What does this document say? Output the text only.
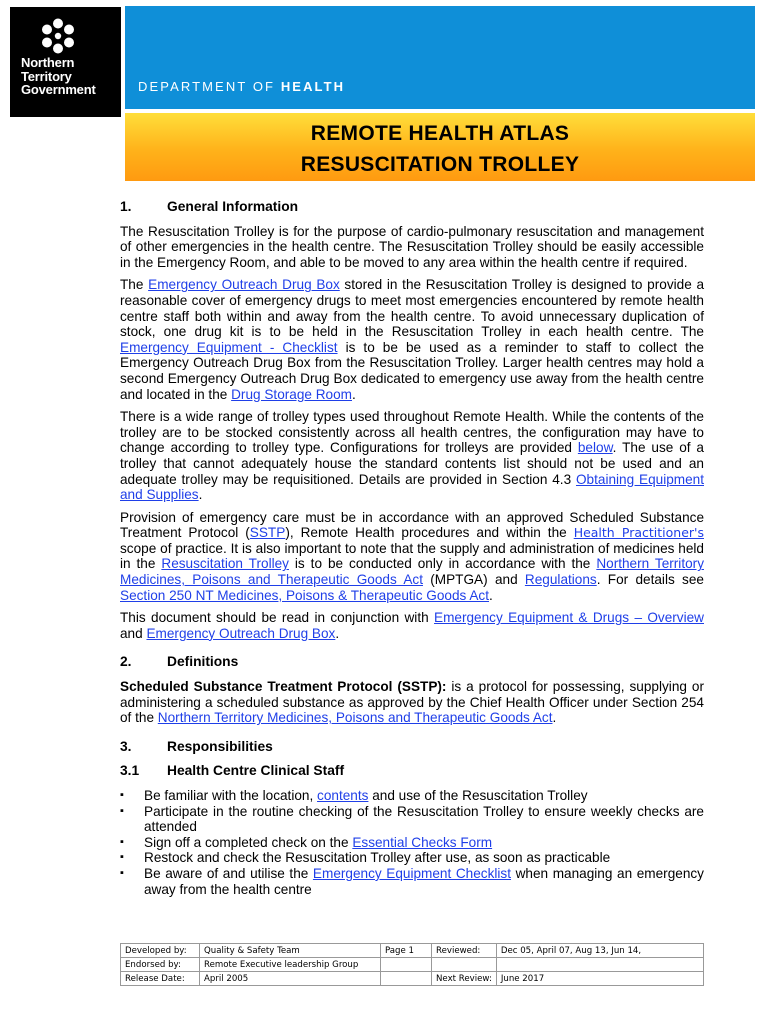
Northern
Territory
Government	DEPARTMENT OF HEALTH
REMOTE HEALTH ATLAS
RESUSCITATION TROLLEY
1.	General Information

The Resuscitation Trolley is for the purpose of cardio-pulmonary resuscitation and management of other emergencies in the health centre. The Resuscitation Trolley should be easily accessible in the Emergency Room, and able to be moved to any area within the health centre if required.

The Emergency Outreach Drug Box stored in the Resuscitation Trolley is designed to provide a reasonable cover of emergency drugs to meet most emergencies encountered by remote health centre staff both within and away from the health centre. To avoid unnecessary duplication of stock, one drug kit is to be held in the Resuscitation Trolley in each health centre. The Emergency Equipment - Checklist is to be be used as a reminder to staff to collect the Emergency Outreach Drug Box from the Resuscitation Trolley. Larger health centres may hold a second Emergency Outreach Drug Box dedicated to emergency use away from the health centre and located in the Drug Storage Room.

There is a wide range of trolley types used throughout Remote Health. While the contents of the trolley are to be stocked consistently across all health centres, the configuration may have to change according to trolley type. Configurations for trolleys are provided below. The use of a trolley that cannot adequately house the standard contents list should not be used and an adequate trolley may be requisitioned. Details are provided in Section 4.3 Obtaining Equipment and Supplies.

Provision of emergency care must be in accordance with an approved Scheduled Substance Treatment Protocol (SSTP), Remote Health procedures and within the Health Practitioner's scope of practice. It is also important to note that the supply and administration of medicines held in the Resuscitation Trolley is to be conducted only in accordance with the Northern Territory Medicines, Poisons and Therapeutic Goods Act (MPTGA) and Regulations. For details see Section 250 NT Medicines, Poisons & Therapeutic Goods Act.

This document should be read in conjunction with Emergency Equipment & Drugs – Overview and Emergency Outreach Drug Box.

2.	Definitions

Scheduled Substance Treatment Protocol (SSTP): is a protocol for possessing, supplying or administering a scheduled substance as approved by the Chief Health Officer under Section 254 of the Northern Territory Medicines, Poisons and Therapeutic Goods Act.

3.	Responsibilities
3.1 Health Centre Clinical Staff
▪ Be familiar with the location, contents and use of the Resuscitation Trolley
▪ Participate in the routine checking of the Resuscitation Trolley to ensure weekly checks are attended
▪ Sign off a completed check on the Essential Checks Form
▪ Restock and check the Resuscitation Trolley after use, as soon as practicable
▪ Be aware of and utilise the Emergency Equipment Checklist when managing an emergency away from the health centre
Developed by:	Quality & Safety Team	Page 1	Reviewed:	Dec 05, April 07, Aug 13, Jun 14,
Endorsed by:	Remote Executive leadership Group			
Release Date:	April 2005		Next Review:	June 2017
